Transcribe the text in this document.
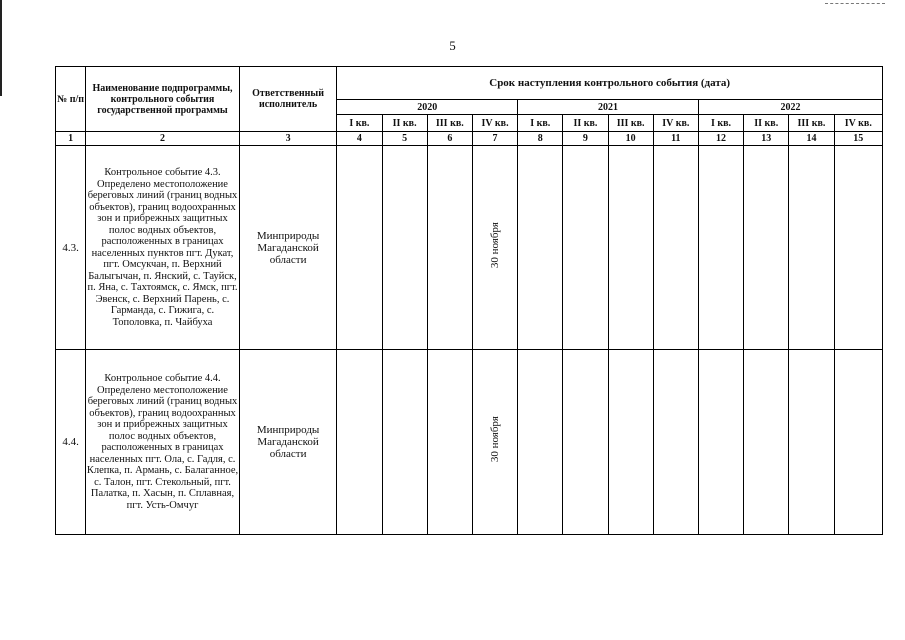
5
№ п/п	Наименование подпрограммы, контрольного события государственной программы	Ответственный исполнитель	Срок наступления контрольного события (дата)											
			2020				2021				2022			
			I кв.	II кв.	III кв.	IV кв.	I кв.	II кв.	III кв.	IV кв.	I кв.	II кв.	III кв.	IV кв.
1	2	3	4	5	6	7	8	9	10	11	12	13	14	15
4.3.	Контрольное событие 4.3. Определено местоположение береговых линий (границ водных объектов), границ водоохранных зон и прибрежных защитных полос водных объектов, расположенных в границах населенных пунктов пгт. Дукат, пгт. Омсукчан, п. Верхний Балыгычан, п. Янский, с. Тауйск, п. Яна, с. Тахтоямск, с. Ямск, пгт. Эвенск, с. Верхний Парень, с. Гарманда, с. Гижига, с. Тополовка, п. Чайбуха	Минприроды Магаданской области				30 ноября								
4.4.	Контрольное событие 4.4. Определено местоположение береговых линий (границ водных объектов), границ водоохранных зон и прибрежных защитных полос водных объектов, расположенных в границах населенных пгт. Ола, с. Гадля, с. Клепка, п. Армань, с. Балаганное, с. Талон, пгт. Стекольный, пгт. Палатка, п. Хасын, п. Сплавная, пгт. Усть-Омчуг	Минприроды Магаданской области				30 ноября								
